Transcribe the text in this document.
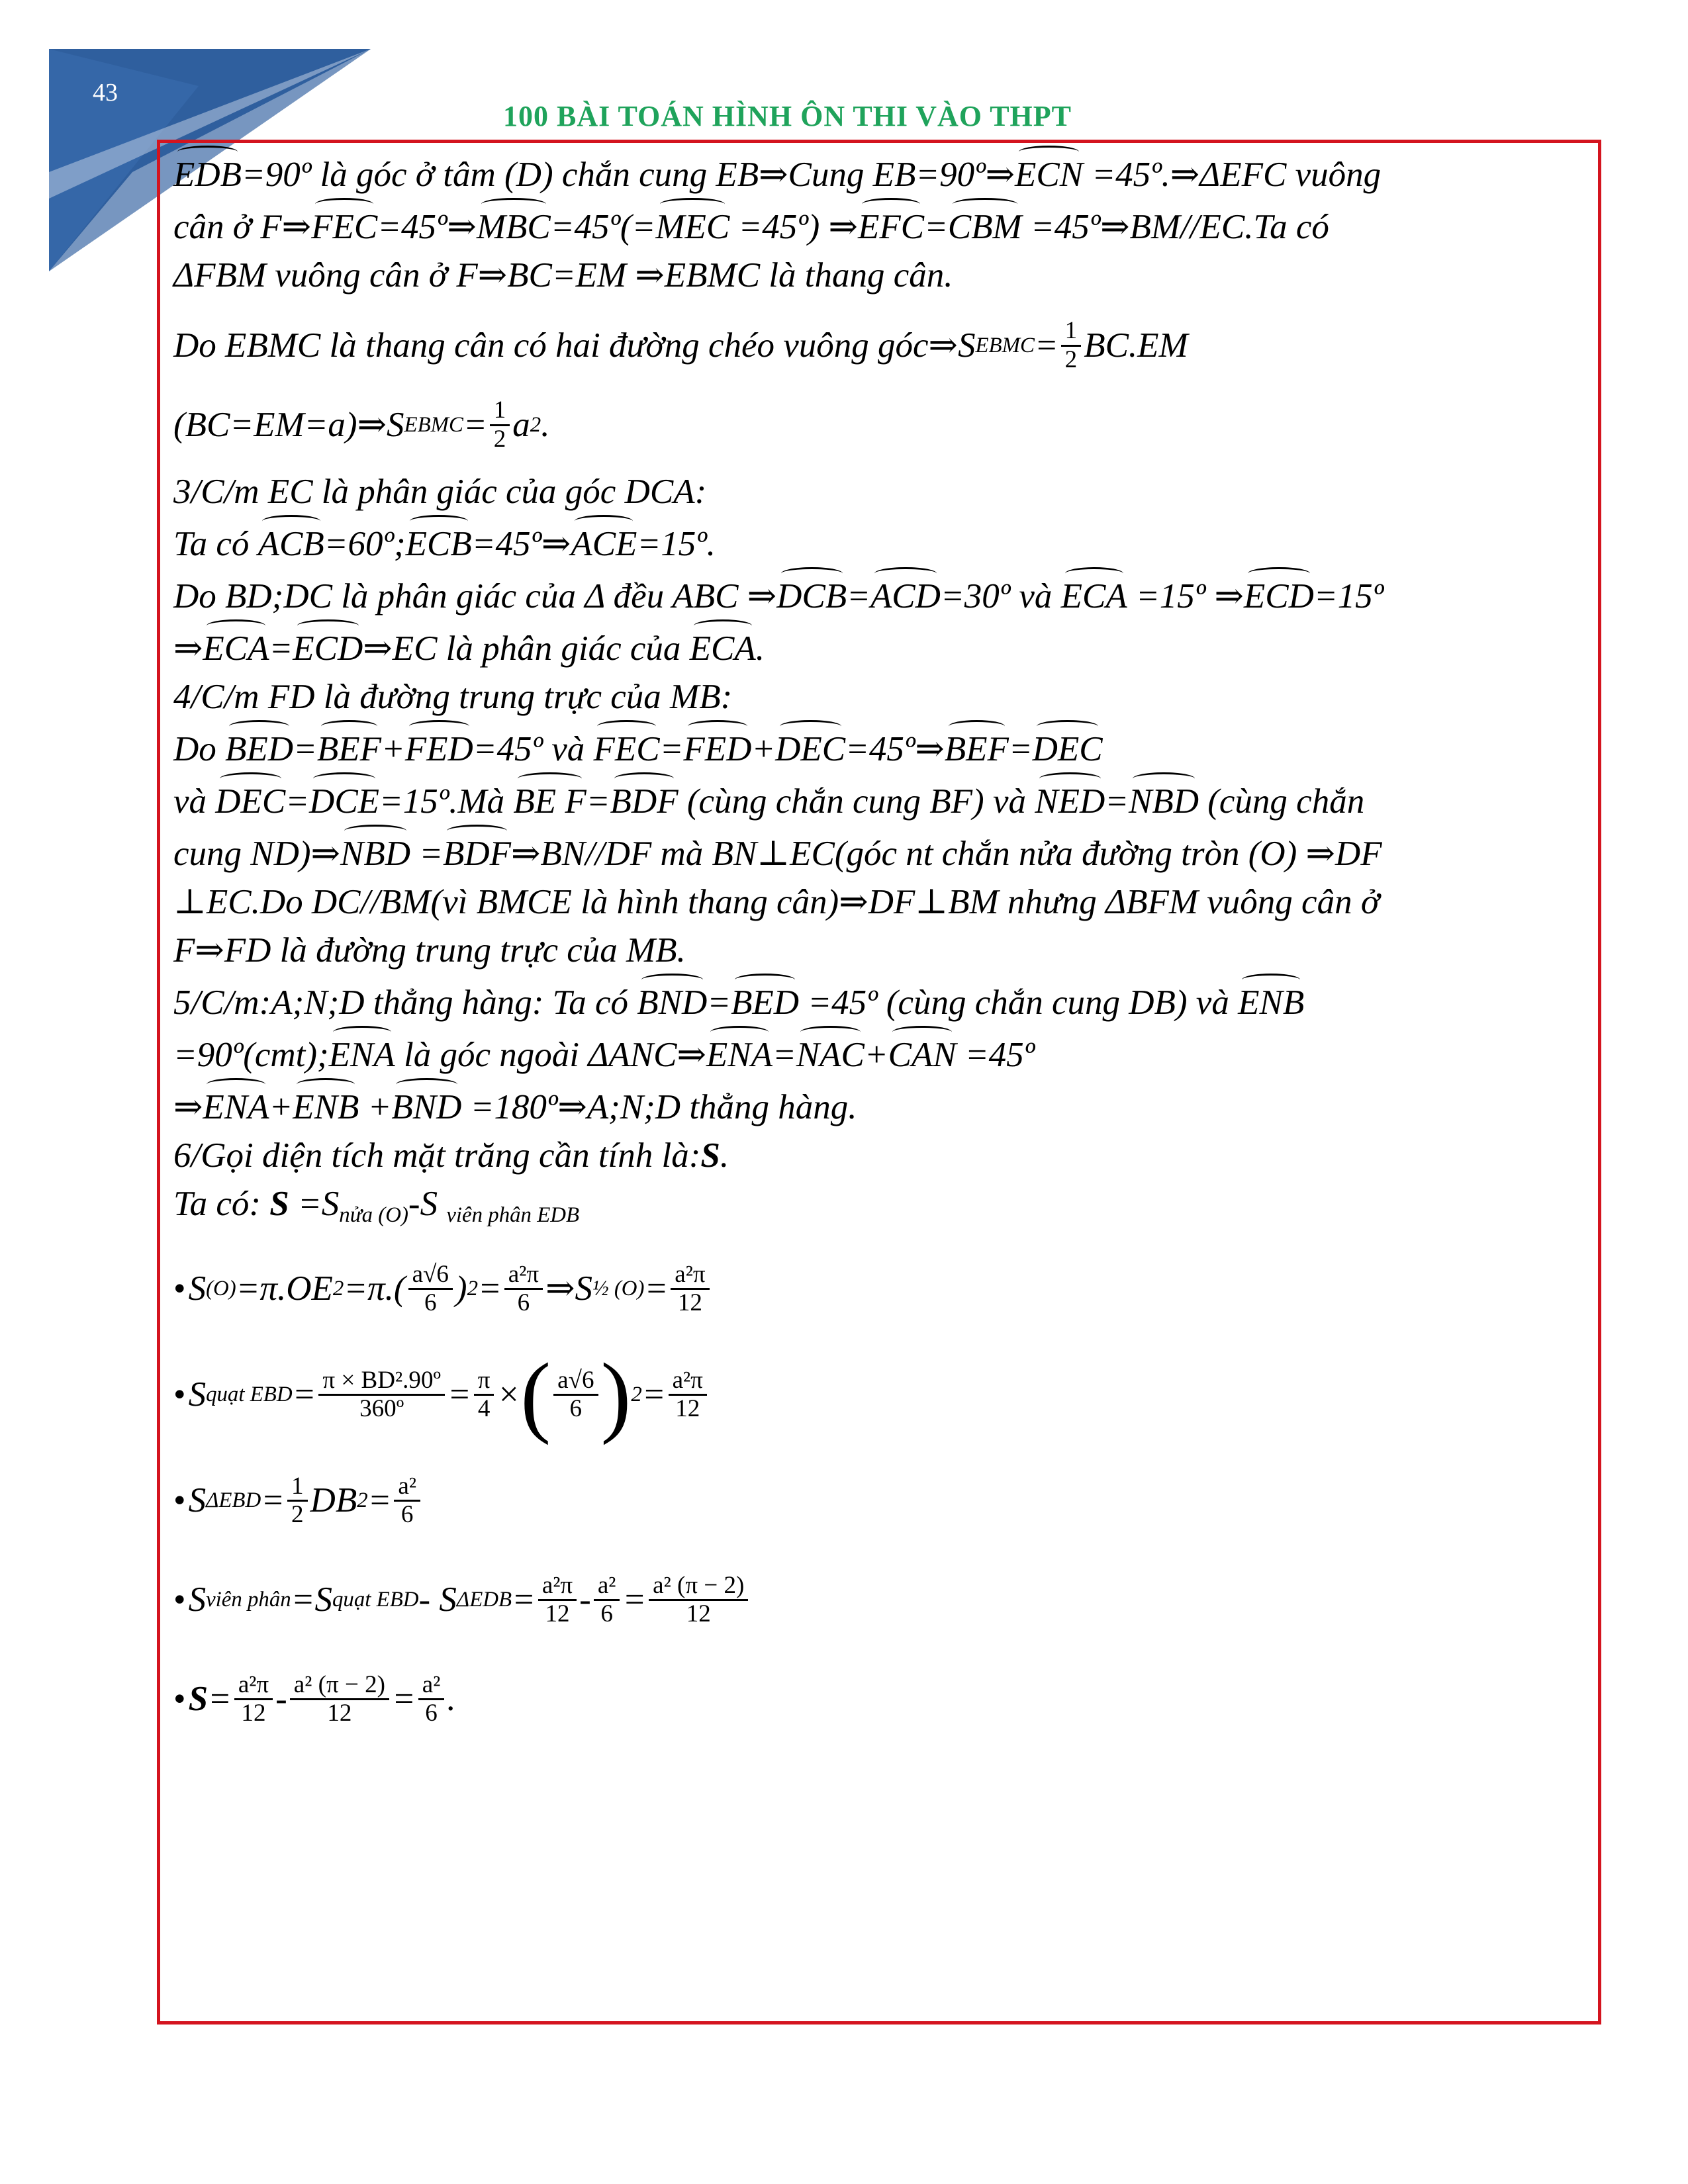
43
100 BÀI TOÁN HÌNH ÔN THI VÀO THPT
EDB=90º là góc ở tâm (D) chắn cung EB⇒Cung EB=90º⇒ECN =45º.⇒ΔEFC vuông
cân ở F⇒FEC=45º⇒MBC=45º(=MEC =45º) ⇒EFC=CBM =45º⇒BM//EC.Ta có
ΔFBM vuông cân ở F⇒BC=EM ⇒EBMC là thang cân.
Do EBMC là thang cân có hai đường chéo vuông góc⇒S EBMC = $\frac{1}{2} BC.EM$
(BC=EM=a)⇒S EBMC = $\frac{1}{2}$ a 2 .
3/C/m EC là phân giác của góc DCA:
Ta có ACB=60º;ECB=45º⇒ACE=15º.
Do BD;DC là phân giác của Δ đều ABC ⇒DCB=ACD=30º và ECA =15º ⇒ECD=15º
⇒ECA=ECD⇒EC là phân giác của ECA.
4/C/m FD là đường trung trực của MB:
Do BED=BEF+FED=45º và FEC=FED+DEC=45º⇒BEF=DEC
và DEC=DCE=15º.Mà BE F=BDF (cùng chắn cung BF) và NED=NBD (cùng chắn
cung ND)⇒NBD =BDF⇒BN//DF mà BN⊥EC(góc nt chắn nửa đường tròn (O) ⇒DF
⊥EC.Do DC//BM(vì BMCE là hình thang cân)⇒DF⊥BM nhưng ΔBFM vuông cân ở
F⇒FD là đường trung trực của MB.
5/C/m:A;N;D thẳng hàng: Ta có BND=BED =45º (cùng chắn cung DB) và ENB
=90º(cmt);ENA là góc ngoài ΔANC⇒ENA=NAC+CAN =45º
⇒ENA+ENB +BND =180º⇒A;N;D thẳng hàng.
6/Gọi diện tích mặt trăng cần tính là:S.
Ta có: $S =S_{nửa (O)}-S$ $_{viên phân EDB}$
• S (O) =π.OE $2 =\pi.( \frac{a√6}{6}$ ) $2 = \frac{\text{a²π}}{6}$ ⇒S ½ $(O) = \frac{\text{a²π}}{12}$
• S quạt EBD = $\frac{\text{π × BD².90º}}{\text{360º}} = \frac{\pi}{4}$ × ( $\frac{a√6}{6}$ ) $2 = \frac{\text{a²π}}{12}$
• S $\Delta EBD = \frac{1}{2}$ DB $2 = \frac{\text{a²}}{6}$
• S viên phân =S quạt EBD - S $\Delta EDB = \frac{\text{a²π}}{12} - \frac{\text{a²}}{6} = \frac{\text{a² (π − 2)}}{12}$
• $S = \frac{\text{a²π}}{12} - \frac{\text{a² (π − 2)}}{12} = \frac{\text{a²}}{6}$ .
